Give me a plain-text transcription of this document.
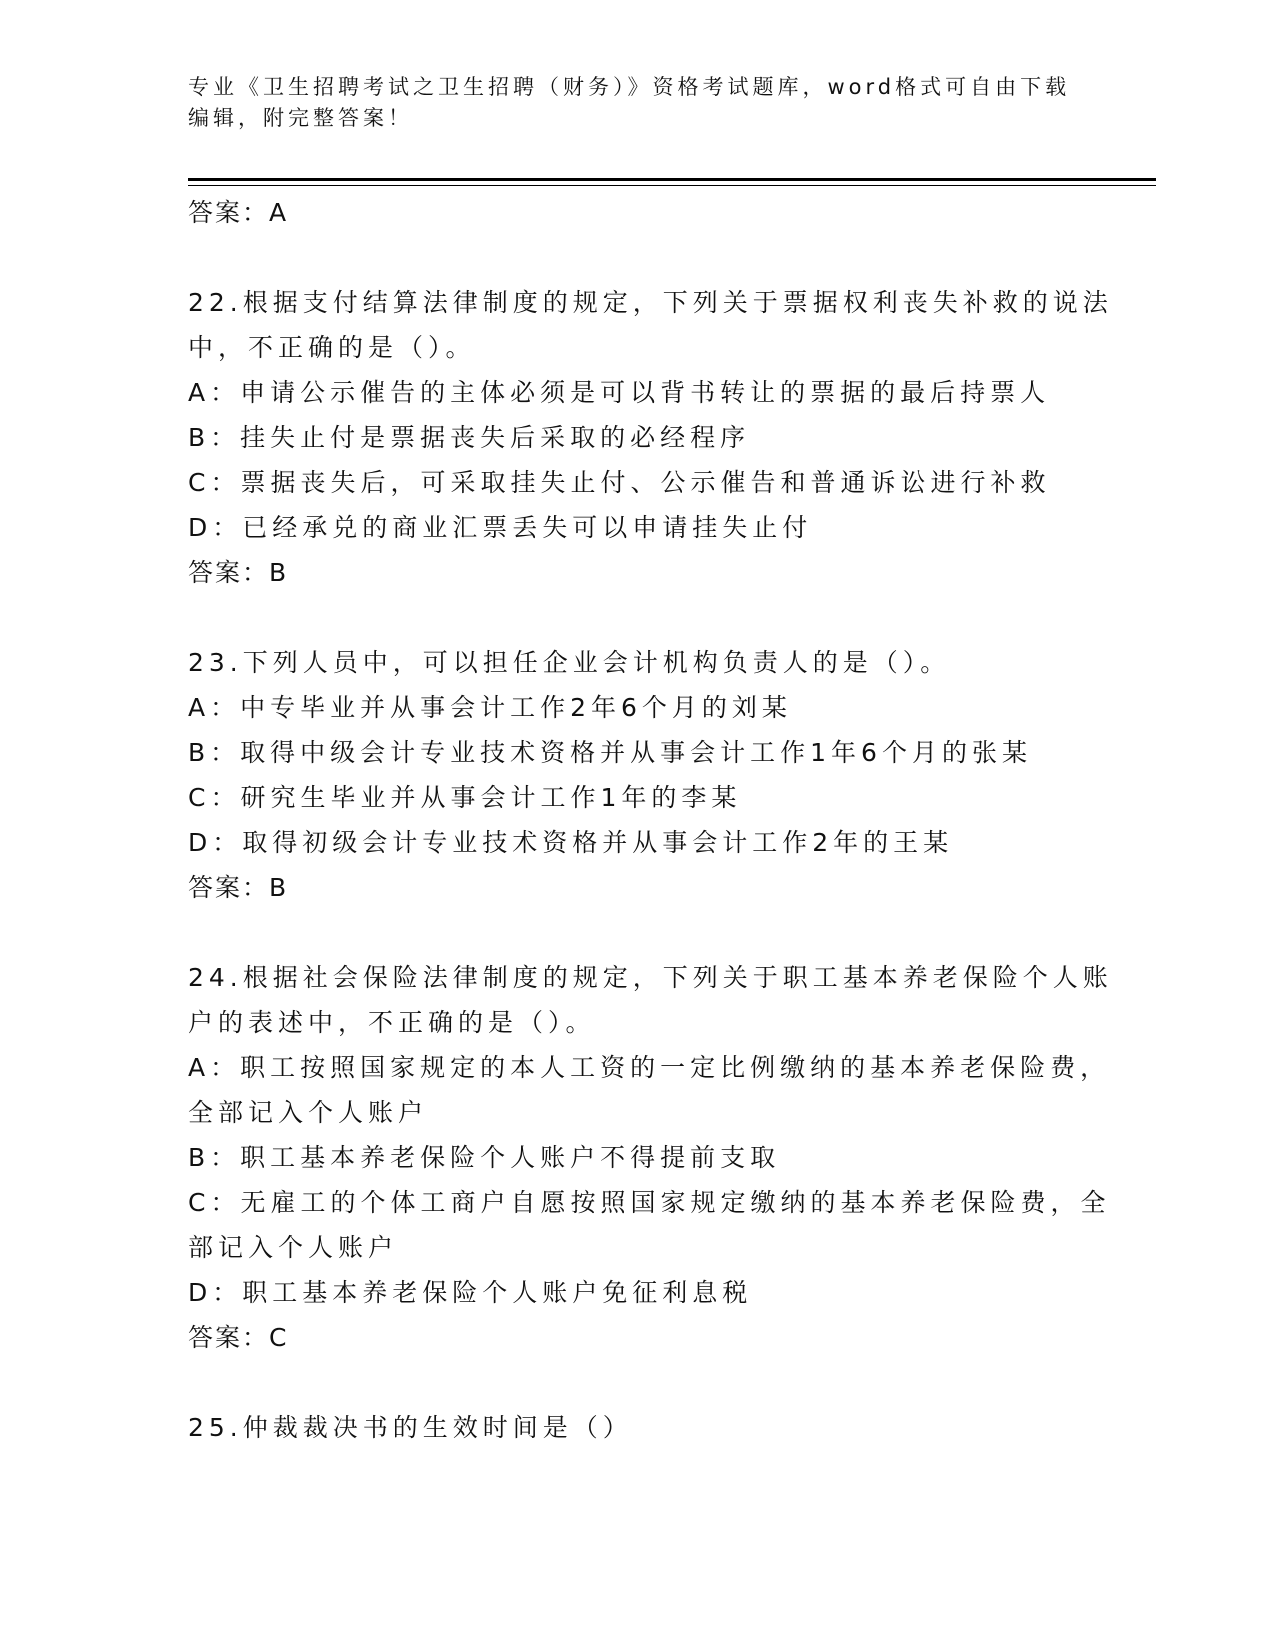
专业《卫生招聘考试之卫生招聘（财务）》资格考试题库，word格式可自由下载
编辑，附完整答案！
答案：A
22.根据支付结算法律制度的规定，下列关于票据权利丧失补救的说法
中，不正确的是（）。
A：申请公示催告的主体必须是可以背书转让的票据的最后持票人
B：挂失止付是票据丧失后采取的必经程序
C：票据丧失后，可采取挂失止付、公示催告和普通诉讼进行补救
D：已经承兑的商业汇票丢失可以申请挂失止付
答案：B
23.下列人员中，可以担任企业会计机构负责人的是（）。
A：中专毕业并从事会计工作2年6个月的刘某
B：取得中级会计专业技术资格并从事会计工作1年6个月的张某
C：研究生毕业并从事会计工作1年的李某
D：取得初级会计专业技术资格并从事会计工作2年的王某
答案：B
24.根据社会保险法律制度的规定，下列关于职工基本养老保险个人账
户的表述中，不正确的是（）。
A：职工按照国家规定的本人工资的一定比例缴纳的基本养老保险费，
全部记入个人账户
B：职工基本养老保险个人账户不得提前支取
C：无雇工的个体工商户自愿按照国家规定缴纳的基本养老保险费，全
部记入个人账户
D：职工基本养老保险个人账户免征利息税
答案：C
25.仲裁裁决书的生效时间是（）
